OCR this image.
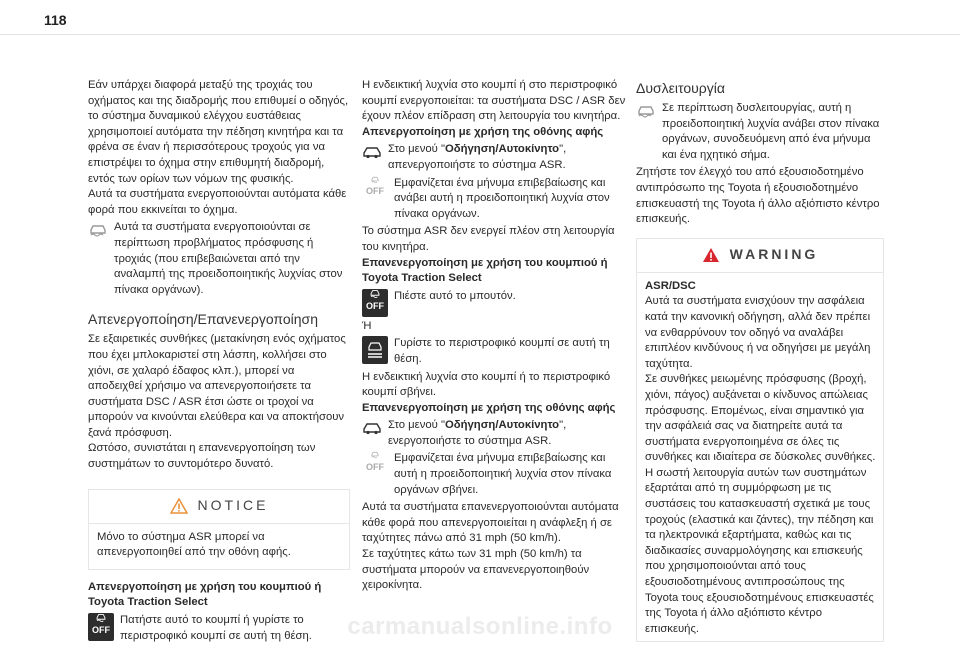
118

Εάν υπάρχει διαφορά μεταξύ της τροχιάς του οχήματος και της διαδρομής που επιθυμεί ο οδηγός, το σύστημα δυναμικού ελέγχου ευστάθειας χρησιμοποιεί αυτόματα την πέδηση κινητήρα και τα φρένα σε έναν ή περισσότερους τροχούς για να επιστρέψει το όχημα στην επιθυμητή διαδρομή, εντός των ορίων των νόμων της φυσικής.

Αυτά τα συστήματα ενεργοποιούνται αυτόματα κάθε φορά που εκκινείται το όχημα.

Αυτά τα συστήματα ενεργοποιούνται σε περίπτωση προβλήματος πρόσφυσης ή τροχιάς (που επιβεβαιώνεται από την αναλαμπή της προειδοποιητικής λυχνίας στον πίνακα οργάνων).
Απενεργοποίηση/Επανενεργοποίηση

Σε εξαιρετικές συνθήκες (μετακίνηση ενός οχήματος που έχει μπλοκαριστεί στη λάσπη, κολλήσει στο χιόνι, σε χαλαρό έδαφος κλπ.), μπορεί να αποδειχθεί χρήσιμο να απενεργοποιήσετε τα συστήματα DSC / ASR έτσι ώστε οι τροχοί να μπορούν να κινούνται ελεύθερα και να αποκτήσουν ξανά πρόσφυση.

Ωστόσο, συνιστάται η επανενεργοποίηση των συστημάτων το συντομότερο δυνατό.

NOTICE
Μόνο το σύστημα ASR μπορεί να απενεργοποιηθεί από την οθόνη αφής.

Απενεργοποίηση με χρήση του κουμπιού ή Toyota Traction Select

OFF
Πατήστε αυτό το κουμπί ή γυρίστε το περιστροφικό κουμπί σε αυτή τη θέση.

Η ενδεικτική λυχνία στο κουμπί ή στο περιστροφικό κουμπί ενεργοποιείται: τα συστήματα DSC / ASR δεν έχουν πλέον επίδραση στη λειτουργία του κινητήρα.

Απενεργοποίηση με χρήση της οθόνης αφής

Στο μενού "Οδήγηση/Αυτοκίνητο", απενεργοποιήστε το σύστημα ASR.
OFF
Εμφανίζεται ένα μήνυμα επιβεβαίωσης και ανάβει αυτή η προειδοποιητική λυχνία στον πίνακα οργάνων.

Το σύστημα ASR δεν ενεργεί πλέον στη λειτουργία του κινητήρα.

Επανενεργοποίηση με χρήση του κουμπιού ή Toyota Traction Select

OFF
Πιέστε αυτό το μπουτόν.

Ή

Γυρίστε το περιστροφικό κουμπί σε αυτή τη θέση.

Η ενδεικτική λυχνία στο κουμπί ή το περιστροφικό κουμπί σβήνει.

Επανενεργοποίηση με χρήση της οθόνης αφής

Στο μενού "Οδήγηση/Αυτοκίνητο", ενεργοποιήστε το σύστημα ASR.
OFF
Εμφανίζεται ένα μήνυμα επιβεβαίωσης και αυτή η προειδοποιητική λυχνία στον πίνακα οργάνων σβήνει.

Αυτά τα συστήματα επανενεργοποιούνται αυτόματα κάθε φορά που απενεργοποιείται η ανάφλεξη ή σε ταχύτητες πάνω από 31 mph (50 km/h).

Σε ταχύτητες κάτω των 31 mph (50 km/h) τα συστήματα μπορούν να επανενεργοποιηθούν χειροκίνητα.

Δυσλειτουργία
Σε περίπτωση δυσλειτουργίας, αυτή η προειδοποιητική λυχνία ανάβει στον πίνακα οργάνων, συνοδευόμενη από ένα μήνυμα και ένα ηχητικό σήμα.

Ζητήστε τον έλεγχό του από εξουσιοδοτημένο αντιπρόσωπο της Toyota ή εξουσιοδοτημένο επισκευαστή της Toyota ή άλλο αξιόπιστο κέντρο επισκευής.

WARNING

ASR/DSC

Αυτά τα συστήματα ενισχύουν την ασφάλεια κατά την κανονική οδήγηση, αλλά δεν πρέπει να ενθαρρύνουν τον οδηγό να αναλάβει επιπλέον κινδύνους ή να οδηγήσει με μεγάλη ταχύτητα.

Σε συνθήκες μειωμένης πρόσφυσης (βροχή, χιόνι, πάγος) αυξάνεται ο κίνδυνος απώλειας πρόσφυσης. Επομένως, είναι σημαντικό για την ασφάλειά σας να διατηρείτε αυτά τα συστήματα ενεργοποιημένα σε όλες τις συνθήκες και ιδιαίτερα σε δύσκολες συνθήκες.

Η σωστή λειτουργία αυτών των συστημάτων εξαρτάται από τη συμμόρφωση με τις συστάσεις του κατασκευαστή σχετικά με τους τροχούς (ελαστικά και ζάντες), την πέδηση και τα ηλεκτρονικά εξαρτήματα, καθώς και τις διαδικασίες συναρμολόγησης και επισκευής που χρησιμοποιούνται από τους εξουσιοδοτημένους αντιπροσώπους της Toyota τους εξουσιοδοτημένους επισκευαστές της Toyota ή άλλο αξιόπιστο κέντρο επισκευής.

carmanualsonline.info
